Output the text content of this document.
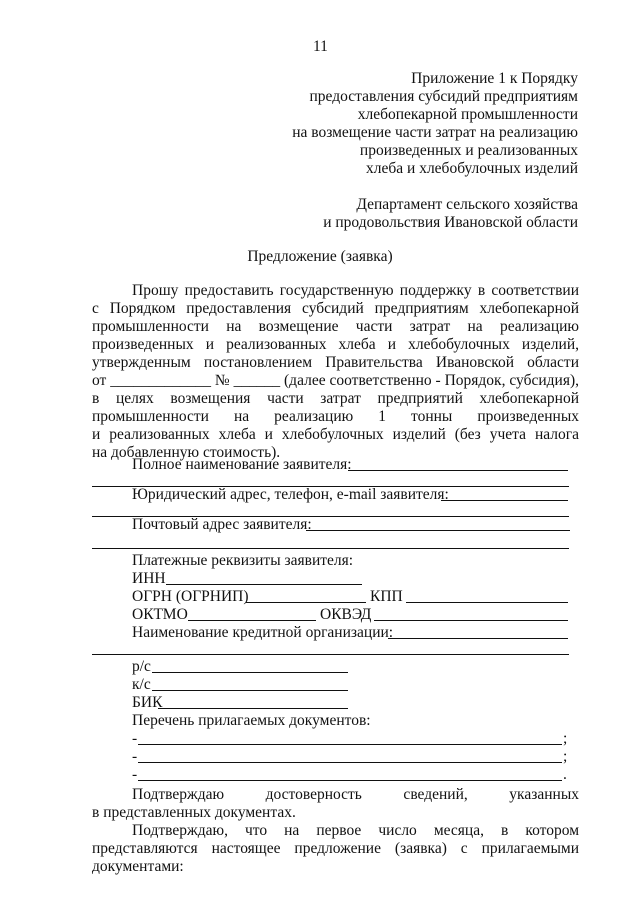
11
Приложение 1 к Порядку
предоставления субсидий предприятиям
хлебопекарной промышленности
на возмещение части затрат на реализацию
произведенных и реализованных
хлеба и хлебобулочных изделий
Департамент сельского хозяйства
и продовольствия Ивановской области
Предложение (заявка)
Прошу предоставить государственную поддержку в соответствии
с Порядком предоставления субсидий предприятиям хлебопекарной
промышленности на возмещение части затрат на реализацию
произведенных и реализованных хлеба и хлебобулочных изделий,
утвержденным постановлением Правительства Ивановской области
от _____________ № ______ (далее соответственно - Порядок, субсидия),
в целях возмещения части затрат предприятий хлебопекарной
промышленности на реализацию 1 тонны произведенных
и реализованных хлеба и хлебобулочных изделий (без учета налога
на добавленную стоимость).
Полное наименование заявителя:
Юридический адрес, телефон, e-mail заявителя:
Почтовый адрес заявителя:
Платежные реквизиты заявителя:
ИНН
ОГРН (ОГРНИП)	КПП
ОКТМО	ОКВЭД
Наименование кредитной организации:
р/с
к/с
БИК
Перечень прилагаемых документов:
-	;
-	;
-	.
Подтверждаю достоверность сведений, указанных
в представленных документах.
Подтверждаю, что на первое число месяца, в котором
представляются настоящее предложение (заявка) с прилагаемыми
документами:
